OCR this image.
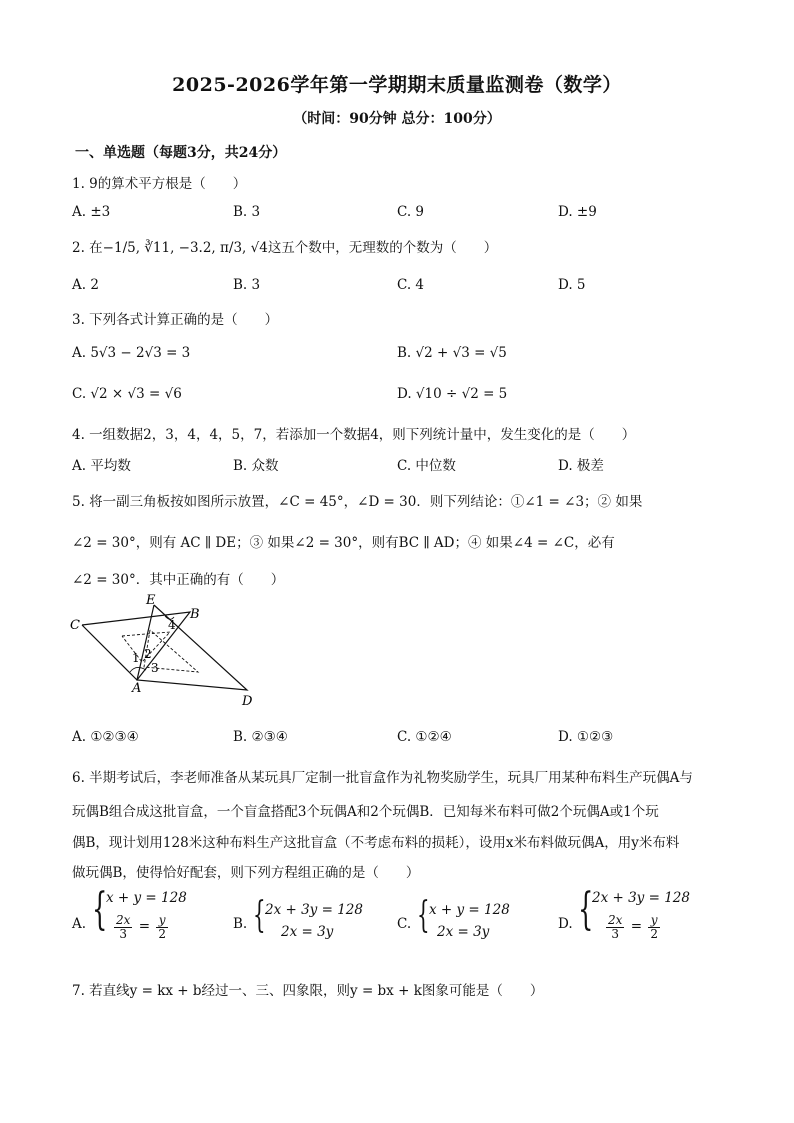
2025-2026学年第一学期期末质量监测卷（数学）
（时间：90分钟 总分：100分）
一、单选题（每题3分，共24分）
1. 9的算术平方根是（　　）
A. ±3	B. 3	C. 9	D. ±9
2. 在−1/5, ∛11, −3.2, π/3, √4这五个数中，无理数的个数为（　　）
A. 2	B. 3	C. 4	D. 5
3. 下列各式计算正确的是（　　）
A. 5√3 − 2√3 = 3	B. √2 + √3 = √5
C. √2 × √3 = √6	D. √10 ÷ √2 = 5
4. 一组数据2，3，4，4，5，7，若添加一个数据4，则下列统计量中，发生变化的是（　　）
A. 平均数	B. 众数	C. 中位数	D. 极差
5. 将一副三角板按如图所示放置，∠C = 45°，∠D = 30．则下列结论：①∠1 = ∠3；② 如果
∠2 = 30°，则有 AC ∥ DE；③ 如果∠2 = 30°，则有BC ∥ AD；④ 如果∠4 = ∠C，必有
∠2 = 30°．其中正确的有（　　）
E
B
C
A
D
1 2
3
4
A. ①②③④	B. ②③④	C. ①②④	D. ①②③
6. 半期考试后，李老师准备从某玩具厂定制一批盲盒作为礼物奖励学生，玩具厂用某种布料生产玩偶A与
玩偶B组合成这批盲盒，一个盲盒搭配3个玩偶A和2个玩偶B．已知每米布料可做2个玩偶A或1个玩
偶B，现计划用128米这种布料生产这批盲盒（不考虑布料的损耗），设用x米布料做玩偶A，用y米布料
做玩偶B，使得恰好配套，则下列方程组正确的是（　　）
A. {
x + y = 128
$\frac{2x}{3} = \frac{y}{2}$	B. { 2x + 3y = 128
2x = 3y	C. { x + y = 128
2x = 3y	D. {
2x + 3y = 128
$\frac{2x}{3} = \frac{y}{2}$
7. 若直线y = kx + b经过一、三、四象限，则y = bx + k图象可能是（　　）
